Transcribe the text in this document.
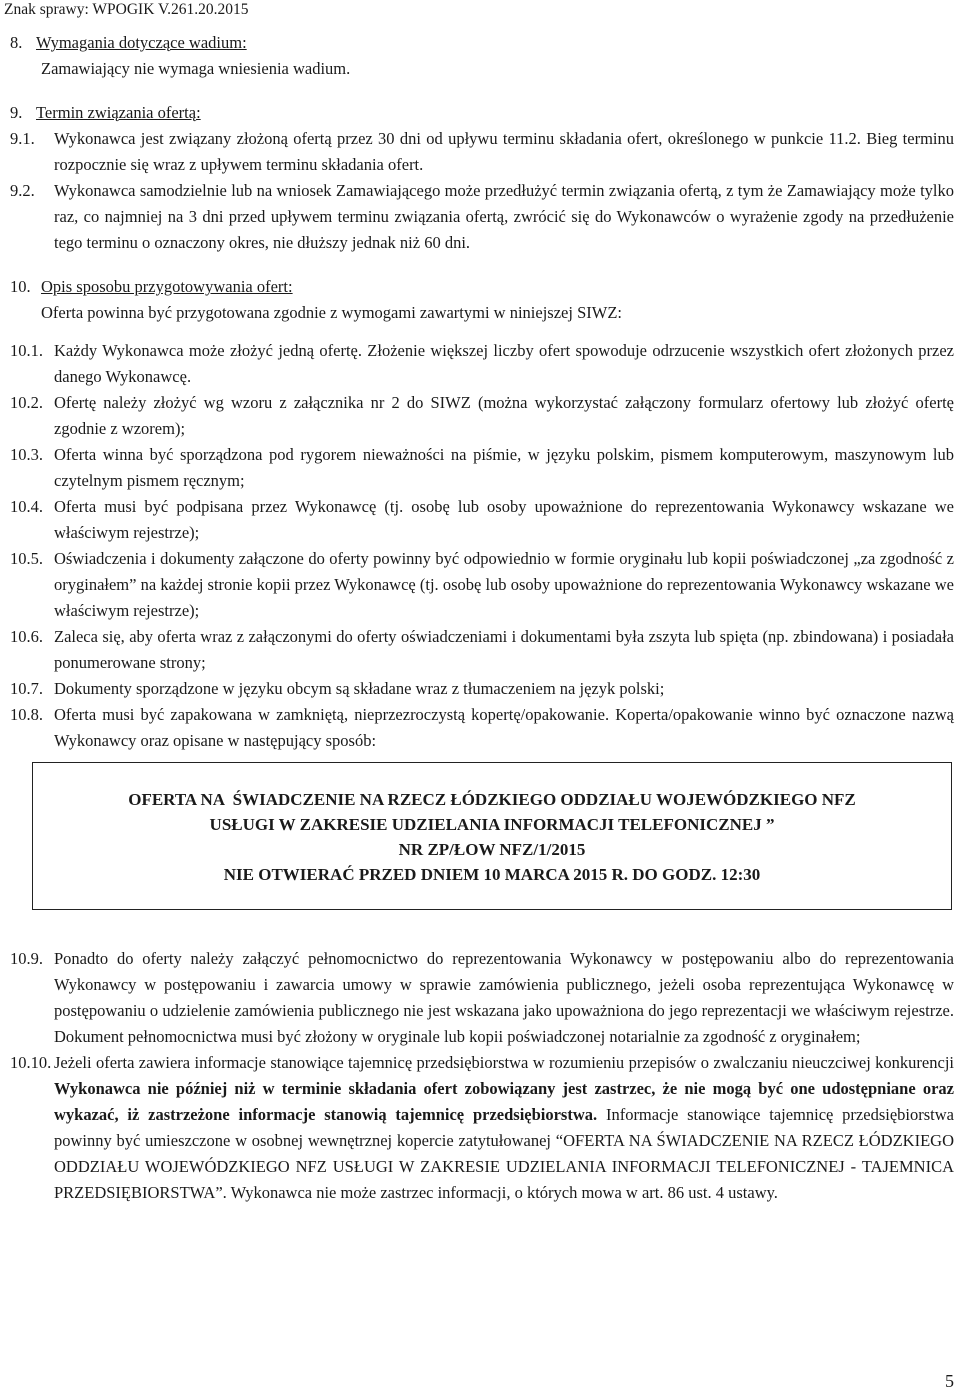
Znak sprawy: WPOGIK V.261.20.2015
8. Wymagania dotyczące wadium:
Zamawiający nie wymaga wniesienia wadium.
9. Termin związania ofertą:
9.1.	Wykonawca jest związany złożoną ofertą przez 30 dni od upływu terminu składania ofert, określonego w punkcie 11.2. Bieg terminu rozpocznie się wraz z upływem terminu składania ofert.
9.2.	Wykonawca samodzielnie lub na wniosek Zamawiającego może przedłużyć termin związania ofertą, z tym że Zamawiający może tylko raz, co najmniej na 3 dni przed upływem terminu związania ofertą, zwrócić się do Wykonawców o wyrażenie zgody na przedłużenie tego terminu o oznaczony okres, nie dłuższy jednak niż 60 dni.
10. Opis sposobu przygotowywania ofert:
Oferta powinna być przygotowana zgodnie z wymogami zawartymi w niniejszej SIWZ:
10.1. Każdy Wykonawca może złożyć jedną ofertę. Złożenie większej liczby ofert spowoduje odrzucenie wszystkich ofert złożonych przez danego Wykonawcę.
10.2. Ofertę należy złożyć wg wzoru z załącznika nr 2 do SIWZ (można wykorzystać załączony formularz ofertowy lub złożyć ofertę zgodnie z wzorem);
10.3. Oferta winna być sporządzona pod rygorem nieważności na piśmie, w języku polskim, pismem komputerowym, maszynowym lub czytelnym pismem ręcznym;
10.4. Oferta musi być podpisana przez Wykonawcę (tj. osobę lub osoby upoważnione do reprezentowania Wykonawcy wskazane we właściwym rejestrze);
10.5. Oświadczenia i dokumenty załączone do oferty powinny być odpowiednio w formie oryginału lub kopii poświadczonej „za zgodność z oryginałem” na każdej stronie kopii przez Wykonawcę (tj. osobę lub osoby upoważnione do reprezentowania Wykonawcy wskazane we właściwym rejestrze);
10.6. Zaleca się, aby oferta wraz z załączonymi do oferty oświadczeniami i dokumentami była zszyta lub spięta (np. zbindowana) i posiadała ponumerowane strony;
10.7. Dokumenty sporządzone w języku obcym są składane wraz z tłumaczeniem na język polski;
10.8. Oferta musi być zapakowana w zamkniętą, nieprzezroczystą kopertę/opakowanie. Koperta/opakowanie winno być oznaczone nazwą Wykonawcy oraz opisane w następujący sposób:
OFERTA NA  ŚWIADCZENIE NA RZECZ ŁÓDZKIEGO ODDZIAŁU WOJEWÓDZKIEGO NFZ
USŁUGI W ZAKRESIE UDZIELANIA INFORMACJI TELEFONICZNEJ ”
NR ZP/ŁOW NFZ/1/2015
NIE OTWIERAĆ PRZED DNIEM 10 MARCA 2015 R. DO GODZ. 12:30
10.9. Ponadto do oferty należy załączyć pełnomocnictwo do reprezentowania Wykonawcy w postępowaniu albo do reprezentowania Wykonawcy w postępowaniu i zawarcia umowy w sprawie zamówienia publicznego, jeżeli osoba reprezentująca Wykonawcę w postępowaniu o udzielenie zamówienia publicznego nie jest wskazana jako upoważniona do jego reprezentacji we właściwym rejestrze. Dokument pełnomocnictwa musi być złożony w oryginale lub kopii poświadczonej notarialnie za zgodność z oryginałem;
10.10. Jeżeli oferta zawiera informacje stanowiące tajemnicę przedsiębiorstwa w rozumieniu przepisów o zwalczaniu nieuczciwej konkurencji Wykonawca nie później niż w terminie składania ofert zobowiązany jest zastrzec, że nie mogą być one udostępniane oraz wykazać, iż zastrzeżone informacje stanowią tajemnicę przedsiębiorstwa. Informacje stanowiące tajemnicę przedsiębiorstwa powinny być umieszczone w osobnej wewnętrznej kopercie zatytułowanej “OFERTA NA ŚWIADCZENIE NA RZECZ ŁÓDZKIEGO ODDZIAŁU WOJEWÓDZKIEGO NFZ USŁUGI W ZAKRESIE UDZIELANIA INFORMACJI TELEFONICZNEJ - TAJEMNICA PRZEDSIĘBIORSTWA”. Wykonawca nie może zastrzec informacji, o których mowa w art. 86 ust. 4 ustawy.
5
